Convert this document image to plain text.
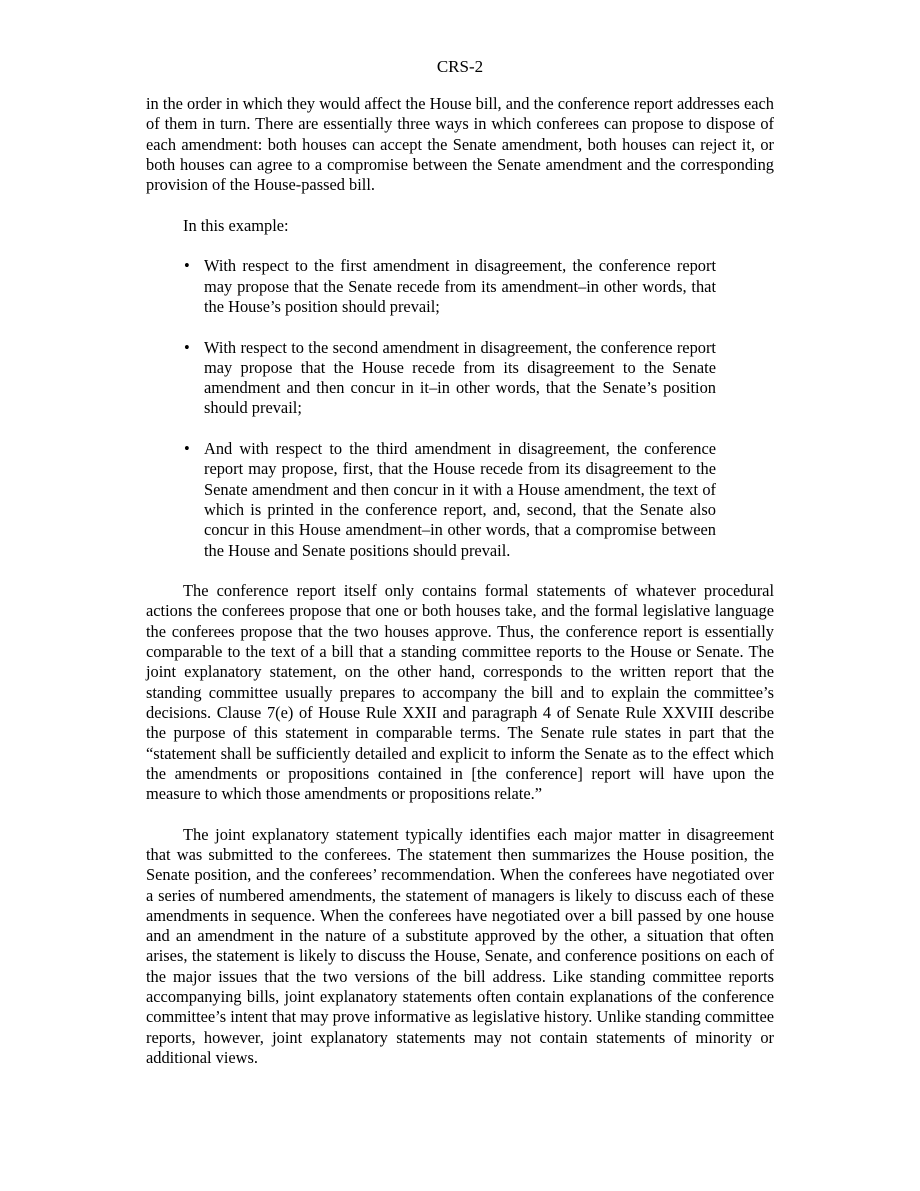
CRS-2

in the order in which they would affect the House bill, and the conference report addresses each of them in turn. There are essentially three ways in which conferees can propose to dispose of each amendment: both houses can accept the Senate amendment, both houses can reject it, or both houses can agree to a compromise between the Senate amendment and the corresponding provision of the House-passed bill.

In this example:

• With respect to the first amendment in disagreement, the conference report may propose that the Senate recede from its amendment–in other words, that the House’s position should prevail;
• With respect to the second amendment in disagreement, the conference report may propose that the House recede from its disagreement to the Senate amendment and then concur in it–in other words, that the Senate’s position should prevail;
• And with respect to the third amendment in disagreement, the conference report may propose, first, that the House recede from its disagreement to the Senate amendment and then concur in it with a House amendment, the text of which is printed in the conference report, and, second, that the Senate also concur in this House amendment–in other words, that a compromise between the House and Senate positions should prevail.

The conference report itself only contains formal statements of whatever procedural actions the conferees propose that one or both houses take, and the formal legislative language the conferees propose that the two houses approve. Thus, the conference report is essentially comparable to the text of a bill that a standing committee reports to the House or Senate. The joint explanatory statement, on the other hand, corresponds to the written report that the standing committee usually prepares to accompany the bill and to explain the committee’s decisions. Clause 7(e) of House Rule XXII and paragraph 4 of Senate Rule XXVIII describe the purpose of this statement in comparable terms. The Senate rule states in part that the “statement shall be sufficiently detailed and explicit to inform the Senate as to the effect which the amendments or propositions contained in [the conference] report will have upon the measure to which those amendments or propositions relate.”

The joint explanatory statement typically identifies each major matter in disagreement that was submitted to the conferees. The statement then summarizes the House position, the Senate position, and the conferees’ recommendation. When the conferees have negotiated over a series of numbered amendments, the statement of managers is likely to discuss each of these amendments in sequence. When the conferees have negotiated over a bill passed by one house and an amendment in the nature of a substitute approved by the other, a situation that often arises, the statement is likely to discuss the House, Senate, and conference positions on each of the major issues that the two versions of the bill address. Like standing committee reports accompanying bills, joint explanatory statements often contain explanations of the conference committee’s intent that may prove informative as legislative history. Unlike standing committee reports, however, joint explanatory statements may not contain statements of minority or additional views.
